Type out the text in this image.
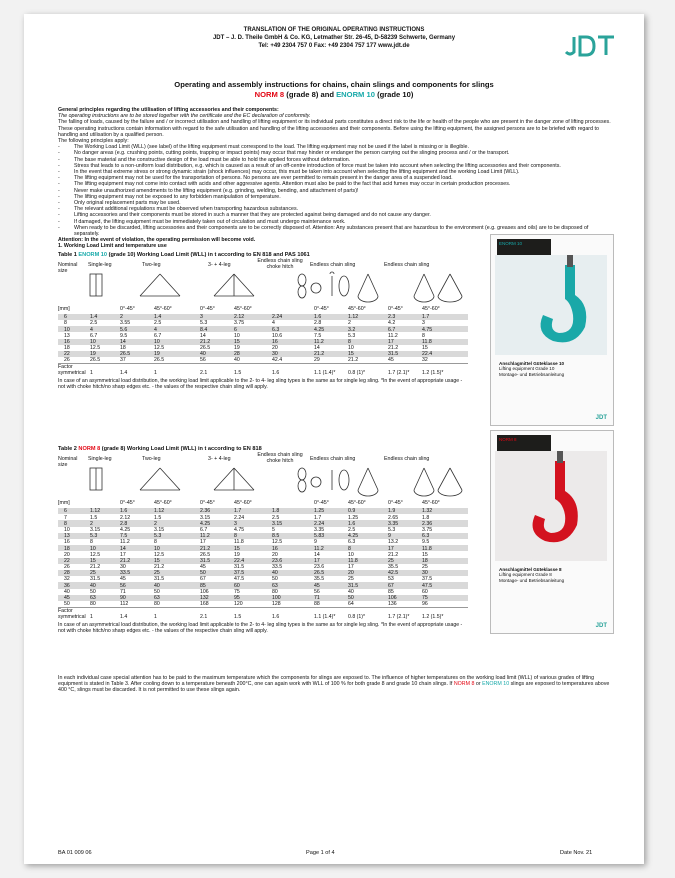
TRANSLATION OF THE ORIGINAL OPERATING INSTRUCTIONS
JDT – J. D. Theile GmbH & Co. KG, Letmather Str. 26-45, D-58239 Schwerte, Germany
Tel: +49 2304 757 0 Fax: +49 2304 757 177 www.jdt.de
Operating and assembly instructions for chains, chain slings and components for slings
NORM 8 (grade 8) and ENORM 10 (grade 10)

General principles regarding the utilisation of lifting accessories and their components:

The operating instructions are to be stored together with the certificate and the EC declaration of conformity.

The falling of loads, caused by the failure and / or incorrect utilisation and handling of lifting equipment or its individual parts constitutes a direct risk to the life or health of the people who are present in the danger zone of lifting processes.

These operating instructions contain information with regard to the safe utilisation and handling of the lifting accessories and their components. Before using the lifting equipment, the assigned persons are to be briefed with regard to handling and utilisation by a qualified person.

The following principles apply:

- The Working Load Limit (WLL) (see label) of the lifting equipment must correspond to the load. The lifting equipment may not be used if the label is missing or is illegible.
- No danger areas (e.g. crushing points, cutting points, trapping or impact points) may occur that may hinder or endanger the person carrying out the slinging process and / or the transport.
- The base material and the constructive design of the load must be able to hold the applied forces without deformation.
- Stress that leads to a non-uniform load distribution, e.g. which is caused as a result of an off-centre introduction of force must be taken into account when selecting the lifting accessories and their components.
- In the event that extreme stress or strong dynamic strain (shock influences) may occur, this must be taken into account when selecting the lifting equipment and the working Load Limit (WLL).
- The lifting equipment may not be used for the transportation of persons. No persons are ever permitted to remain present in the danger area of a suspended load.
- The lifting equipment may not come into contact with acids and other aggressive agents. Attention must also be paid to the fact that acid fumes may occur in certain production processes.
- Never make unauthorized amendments to the lifting equipment (e.g. grinding, welding, bending, and attachment of parts)!
- The lifting equipment may not be exposed to any forbidden manipulation of temperature.
- Only original replacement parts may be used.
- The relevant additional regulations must be observed when transporting hazardous substances.
- Lifting accessories and their components must be stored in such a manner that they are protected against being damaged and do not cause any danger.
- If damaged, the lifting equipment must be immediately taken out of circulation and must undergo maintenance work.
- When ready to be discarded, lifting accessories and their components are to be correctly disposed of. Attention: Any substances present that are hazardous to the environment (e.g. greases and oils) are to be disposed of separately.

Attention: In the event of violation, the operating permission will become void.

1. Working Load Limit and temperature use

Table 1 ENORM 10 (grade 10) Working Load Limit (WLL) in t according to EN 818 and PAS 1061
Nominal
size
Single-leg	Two-leg	3- + 4-leg
Endless chain sling choke hitch	Endless chain sling	Endless chain sling
[mm]	0°-45°	45°-60°	0°-45°	45°-60°	0°-45°	45°-60°	0°-45°	45°-60°
6	1.4	2	1.4	3	2.12	2.24	1.6	1.12	2.3	1.7

8	2.5	3.55	2.5	5.3	3.75	4	2.8	2	4.2	3

10	4	5.6	4	8.4	6	6.3	4.25	3.2	6.7	4.75

13	6.7	9.5	6.7	14	10	10.6	7.5	5.3	11.2	8

16	10	14	10	21.2	15	16	11.2	8	17	11.8

18	12.5	18	12.5	26.5	19	20	14	10	21.2	15

22	19	26.5	19	40	28	30	21.2	15	31.5	22.4

26	26.5	37	26.5	56	40	42.4	29	21.2	45	32
Factor
symmetrical 1	1.4	1	2.1	1.5	1.6	1.1 (1.4)* 0.8 (1)*	1.7 (2.1)* 1.2 (1.5)*
In case of an asymmetrical load distribution, the working load limit applicable to the 2- to 4- leg sling types is the same as for single leg sling. *In the event of appropriate usage - not with choke hitch/no sharp edges etc. - the values of the respective chain sling will apply.
ENORM 10
Anschlagmittel Güteklasse 10
Lifting equipment Grade 10
Montage- und Betriebsanleitung
JDT
Table 2 NORM 8 (grade 8) Working Load Limit (WLL) in t according to EN 818
Nominal
size
Single-leg	Two-leg	3- + 4-leg
Endless chain sling choke hitch	Endless chain sling	Endless chain sling
[mm]	0°-45°	45°-60°	0°-45°	45°-60°	0°-45°	45°-60°	0°-45°	45°-60°
6	1.12	1.6	1.12	2.36	1.7	1.8	1.25	0.9	1.9	1.32

7	1.5	2.12	1.5	3.15	2.24	2.5	1.7	1.25	2.65	1.8

8	2	2.8	2	4.25	3	3.15	2.24	1.6	3.35	2.36

10	3.15	4.25	3.15	6.7	4.75	5	3.35	2.5	5.3	3.75

13	5.3	7.5	5.3	11.2	8	8.5	5.83	4.25	9	6.3

16	8	11.2	8	17	11.8	12.5	9	6.3	13.2	9.5

18	10	14	10	21.2	15	16	11.2	8	17	11.8

20	12.5	17	12.5	26.5	19	20	14	10	21.2	15

22	15	21.2	15	31.5	22.4	23.6	17	11.8	25	18

26	21.2	30	21.2	45	31.5	33.5	23.6	17	35.5	25

28	25	33.5	25	50	37.5	40	26.5	20	42.5	30

32	31.5	45	31.5	67	47.5	50	35.5	25	53	37.5

36	40	56	40	85	60	63	45	31.5	67	47.5

40	50	71	50	106	75	80	56	40	85	60

45	63	90	63	132	95	100	71	50	106	75

50	80	112	80	168	120	128	88	64	136	96
Factor
symmetrical 1	1.4	1	2.1	1.5	1.6	1.1 (1.4)* 0.8 (1)*	1.7 (2.1)* 1.2 (1.5)*
In case of an asymmetrical load distribution, the working load limit applicable to the 2- to 4- leg sling types is the same as for single leg sling. *In the event of appropriate usage - not with choke hitch/no sharp edges etc. - the values of the respective chain sling will apply.
NORM 8
Anschlagmittel Güteklasse 8
Lifting equipment Grade 8
Montage- und Betriebsanleitung
JDT

In each individual case special attention has to be paid to the maximum temperature which the components for slings are exposed to. The influence of higher temperatures on the working load limit (WLL) of various grades of lifting equipment is stated in Table 3. After cooling down to a temperature beneath 200°C, one can again work with WLL of 100 % for both grade 8 and grade 10 chain slings. If NORM 8 or ENORM 10 slings are exposed to temperatures above 400 °C, slings must be discarded. It is not permitted to use these slings again.

BA 01 009 06	Page 1 of 4	Date Nov. 21
